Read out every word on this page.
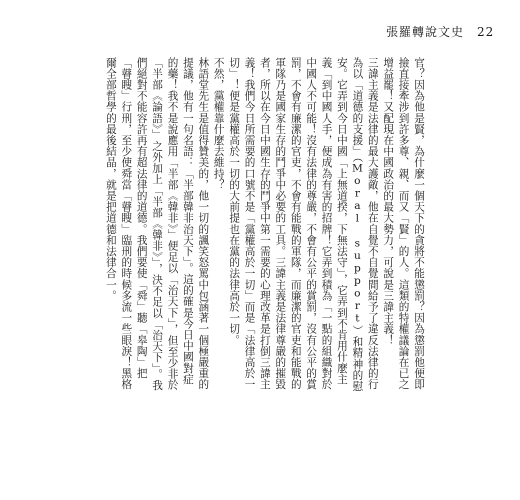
張羅轉說文史　 22

官？因為他是賢，為什麼一個天下的貪將不能懲罰？因為懲罰他便即撿直接牽涉到許多尊、親、而又「賢」的人。這類的特權議論在已之增益罷！又配現在中國政治的最大勢力，可說是三諱主義！

三諱主義是法律的最大護敵，他在自覺不自覺間給予了違反法律的行為以「道德的支援」（Moral support）和精神的慰安。它弄到今日中國「上無道揆，下無法守」，它弄到不肯用什麼主義「到中國人手，便成為有害的招牌！它弄到積為「一點的組織對於中國人不可能！沒有法律的尊嚴，不會有公平的賞罰，沒有公平的賞罰，不會有廉潔的官吏，不會有能戰的軍隊，而廉潔的官吏和能戰的軍隊乃是國家生存的鬥爭中必要的工具。三諱主義是法律尊嚴的摧毀者，所以在今日中國生存的鬥爭中第一需要的心理改革是打倒三諱主義！我們今日所需要的口號不是「黨權高於一切」而是「法律高於一切」！便是黨權高於一切的大前提也在黨的法律高於一切。

不然，黨權靠什麼去維持？

林語堂先生是值得贊美的，他一切的諷笑怒罵中包涵著一個極嚴重的提議，他有一句名語：「半部韓非治天下」。這的確是今日中國對症的藥！我不是說應用「半部《韓非》」便足以「治天下」，但至少非於「半部《論語》」之外加上「半部《韓非》」，決不足以「治天下」。我們絕對不能容許再有超法律的道德。我們要使「舜」聽「皋陶」把「瞽瞍」行刑，至少使舜當「瞽瞍」臨刑的時候多流一些眼淚！黑格爾全部哲學的最後結晶，就是把道德和法律合一。
